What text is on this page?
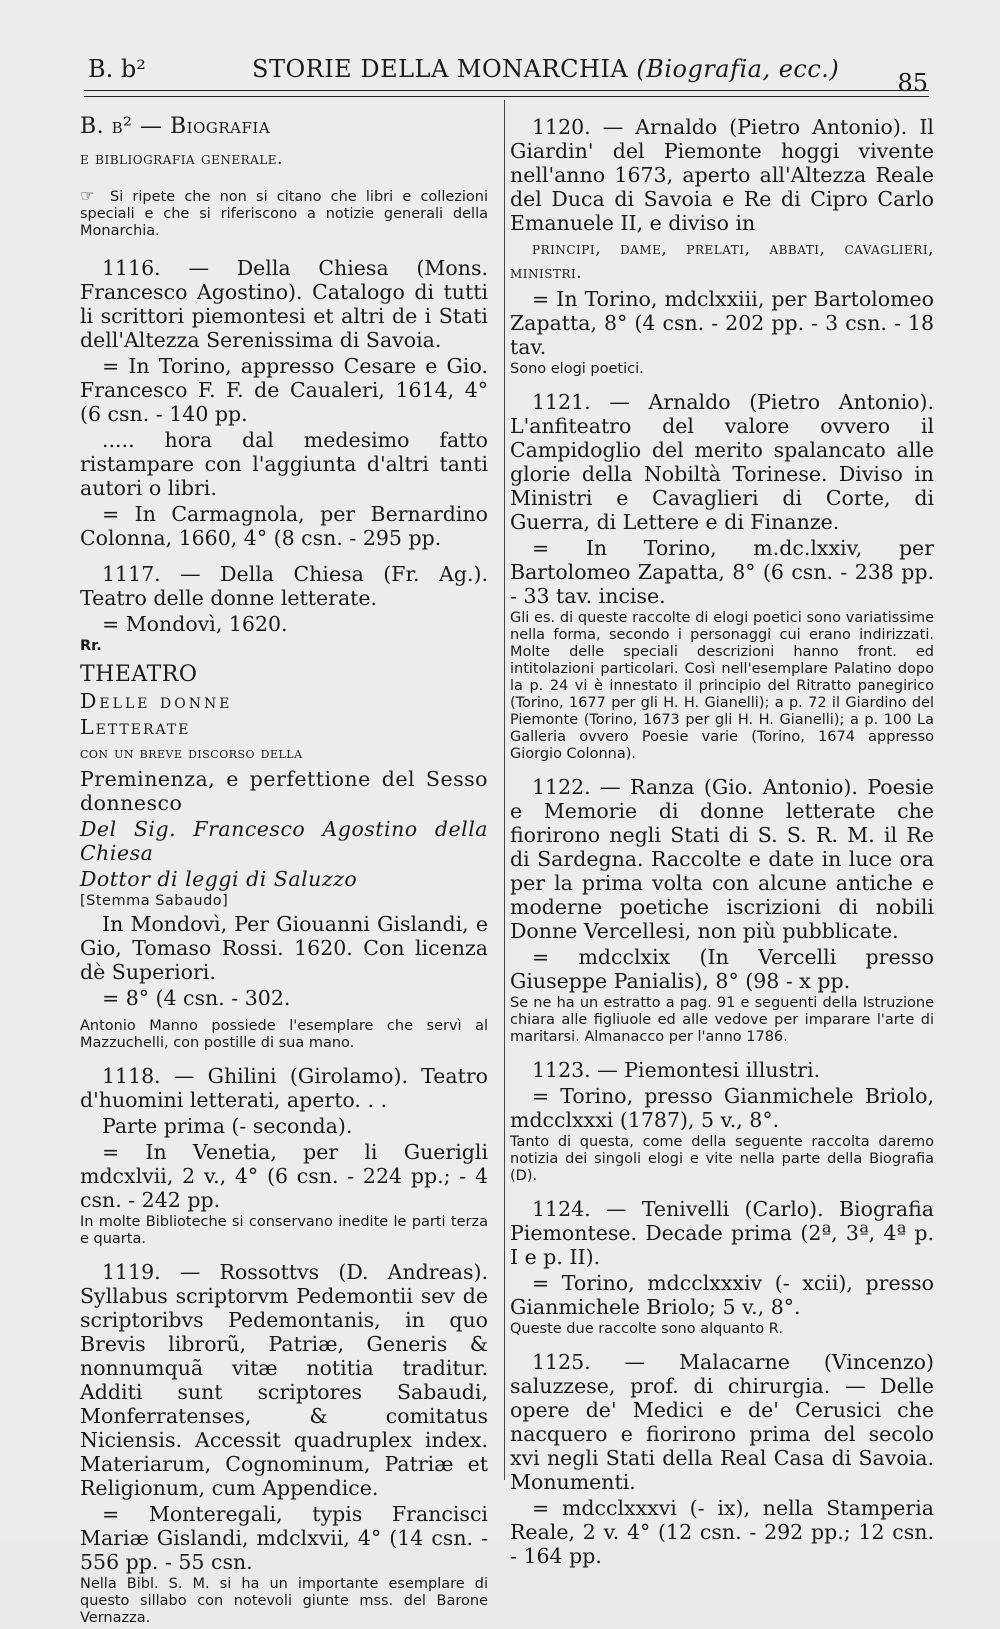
B. b²	STORIE DELLA MONARCHIA (Biografia, ecc.) 85

B. b² — Biografia

e bibliografia generale.

☞ Si ripete che non si citano che libri e collezioni speciali e che si riferiscono a notizie generali della Monarchia.

1116. — Della Chiesa (Mons. Francesco Agostino). Catalogo di tutti li scrittori piemontesi et altri de i Stati dell'Altezza Serenissima di Savoia.

= In Torino, appresso Cesare e Gio. Francesco F. F. de Caualeri, 1614, 4° (6 csn. - 140 pp.

..... hora dal medesimo fatto ristampare con l'aggiunta d'altri tanti autori o libri.

= In Carmagnola, per Bernardino Colonna, 1660, 4° (8 csn. - 295 pp.

1117. — Della Chiesa (Fr. Ag.). Teatro delle donne letterate.

= Mondovì, 1620.

Rr.

THEATRO

Delle donne

Letterate

con un breve discorso della

Preminenza, e perfettione del Sesso donnesco

Del Sig. Francesco Agostino della Chiesa

Dottor di leggi di Saluzzo

[Stemma Sabaudo]

In Mondovì, Per Giouanni Gislandi, e Gio, Tomaso Rossi. 1620. Con licenza dè Superiori.

= 8° (4 csn. - 302.

Antonio Manno possiede l'esemplare che servì al Mazzuchelli, con postille di sua mano.

1118. — Ghilini (Girolamo). Teatro d'huomini letterati, aperto. . .

Parte prima (- seconda).

= In Venetia, per li Guerigli mdcxlvii, 2 v., 4° (6 csn. - 224 pp.; - 4 csn. - 242 pp.

In molte Biblioteche si conservano inedite le parti terza e quarta.

1119. — Rossottvs (D. Andreas). Syllabus scriptorvm Pedemontii sev de scriptoribvs Pedemontanis, in quo Brevis librorũ, Patriæ, Generis & nonnumquã vitæ notitia traditur. Additi sunt scriptores Sabaudi, Monferratenses, & comitatus Niciensis. Accessit quadruplex index. Materiarum, Cognominum, Patriæ et Religionum, cum Appendice.

= Monteregali, typis Francisci Mariæ Gislandi, mdclxvii, 4° (14 csn. - 556 pp. - 55 csn.

Nella Bibl. S. M. si ha un importante esemplare di questo sillabo con notevoli giunte mss. del Barone Vernazza.

1120. — Arnaldo (Pietro Antonio). Il Giardin' del Piemonte hoggi vivente nell'anno 1673, aperto all'Altezza Reale del Duca di Savoia e Re di Cipro Carlo Emanuele II, e diviso in

principi, dame, prelati, abbati, cavaglieri, ministri.

= In Torino, mdclxxiii, per Bartolomeo Zapatta, 8° (4 csn. - 202 pp. - 3 csn. - 18 tav.

Sono elogi poetici.

1121. — Arnaldo (Pietro Antonio). L'anfiteatro del valore ovvero il Campidoglio del merito spalancato alle glorie della Nobiltà Torinese. Diviso in Ministri e Cavaglieri di Corte, di Guerra, di Lettere e di Finanze.

= In Torino, m.dc.lxxiv, per Bartolomeo Zapatta, 8° (6 csn. - 238 pp. - 33 tav. incise.

Gli es. di queste raccolte di elogi poetici sono variatissime nella forma, secondo i personaggi cui erano indirizzati. Molte delle speciali descrizioni hanno front. ed intitolazioni particolari. Così nell'esemplare Palatino dopo la p. 24 vi è innestato il principio del Ritratto panegirico (Torino, 1677 per gli H. H. Gianelli); a p. 72 il Giardino del Piemonte (Torino, 1673 per gli H. H. Gianelli); a p. 100 La Galleria ovvero Poesie varie (Torino, 1674 appresso Giorgio Colonna).

1122. — Ranza (Gio. Antonio). Poesie e Memorie di donne letterate che fiorirono negli Stati di S. S. R. M. il Re di Sardegna. Raccolte e date in luce ora per la prima volta con alcune antiche e moderne poetiche iscrizioni di nobili Donne Vercellesi, non più pubblicate.

= mdcclxix (In Vercelli presso Giuseppe Panialis), 8° (98 - x pp.

Se ne ha un estratto a pag. 91 e seguenti della Istruzione chiara alle figliuole ed alle vedove per imparare l'arte di maritarsi. Almanacco per l'anno 1786.

1123. — Piemontesi illustri.

= Torino, presso Gianmichele Briolo, mdcclxxxi (1787), 5 v., 8°.

Tanto di questa, come della seguente raccolta daremo notizia dei singoli elogi e vite nella parte della Biografia (D).

1124. — Tenivelli (Carlo). Biografia Piemontese. Decade prima (2ª, 3ª, 4ª p. I e p. II).

= Torino, mdcclxxxiv (- xcii), presso Gianmichele Briolo; 5 v., 8°.

Queste due raccolte sono alquanto R.

1125. — Malacarne (Vincenzo) saluzzese, prof. di chirurgia. — Delle opere de' Medici e de' Cerusici che nacquero e fiorirono prima del secolo xvi negli Stati della Real Casa di Savoia. Monumenti.

= mdcclxxxvi (- ix), nella Stamperia Reale, 2 v. 4° (12 csn. - 292 pp.; 12 csn. - 164 pp.
